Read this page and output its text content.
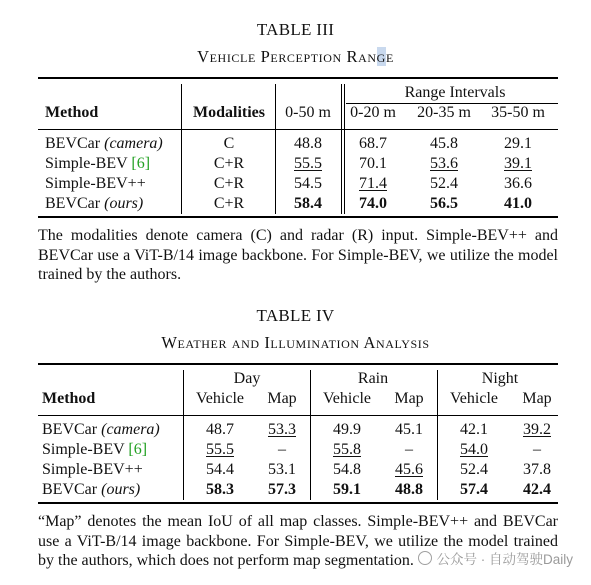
TABLE III
Vehicle Perception Range
Range Intervals
Method	Modalities 0-50 m 0-20 m 20-35 m 35-50 m
BEVCar (camera)	C	48.8 68.7	45.8	29.1
Simple-BEV [6]	C+R	55.5 70.1	53.6	39.1
Simple-BEV++	C+R	54.5 71.4	52.4	36.6
BEVCar (ours)	C+R	58.4 74.0	56.5	41.0
The modalities denote camera (C) and radar (R) input. Simple-BEV++ and BEVCar use a ViT-B/14 image backbone. For Simple-BEV, we utilize the model trained by the authors.
TABLE IV
Weather and Illumination Analysis
Day	Rain	Night
Method	Vehicle Map Vehicle Map Vehicle Map
BEVCar (camera)	48.7 53.3 49.9 45.1 42.1 39.2
Simple-BEV [6]	55.5	–	55.8	–	54.0	–
Simple-BEV++	54.4 53.1 54.8 45.6 52.4 37.8
BEVCar (ours)	58.3 57.3 59.1 48.8 57.4 42.4
“Map” denotes the mean IoU of all map classes. Simple-BEV++ and BEVCar use a ViT-B/14 image backbone. For Simple-BEV, we utilize the model trained by the authors, which does not perform map segmentation.	公众号 · 自动驾驶Daily
